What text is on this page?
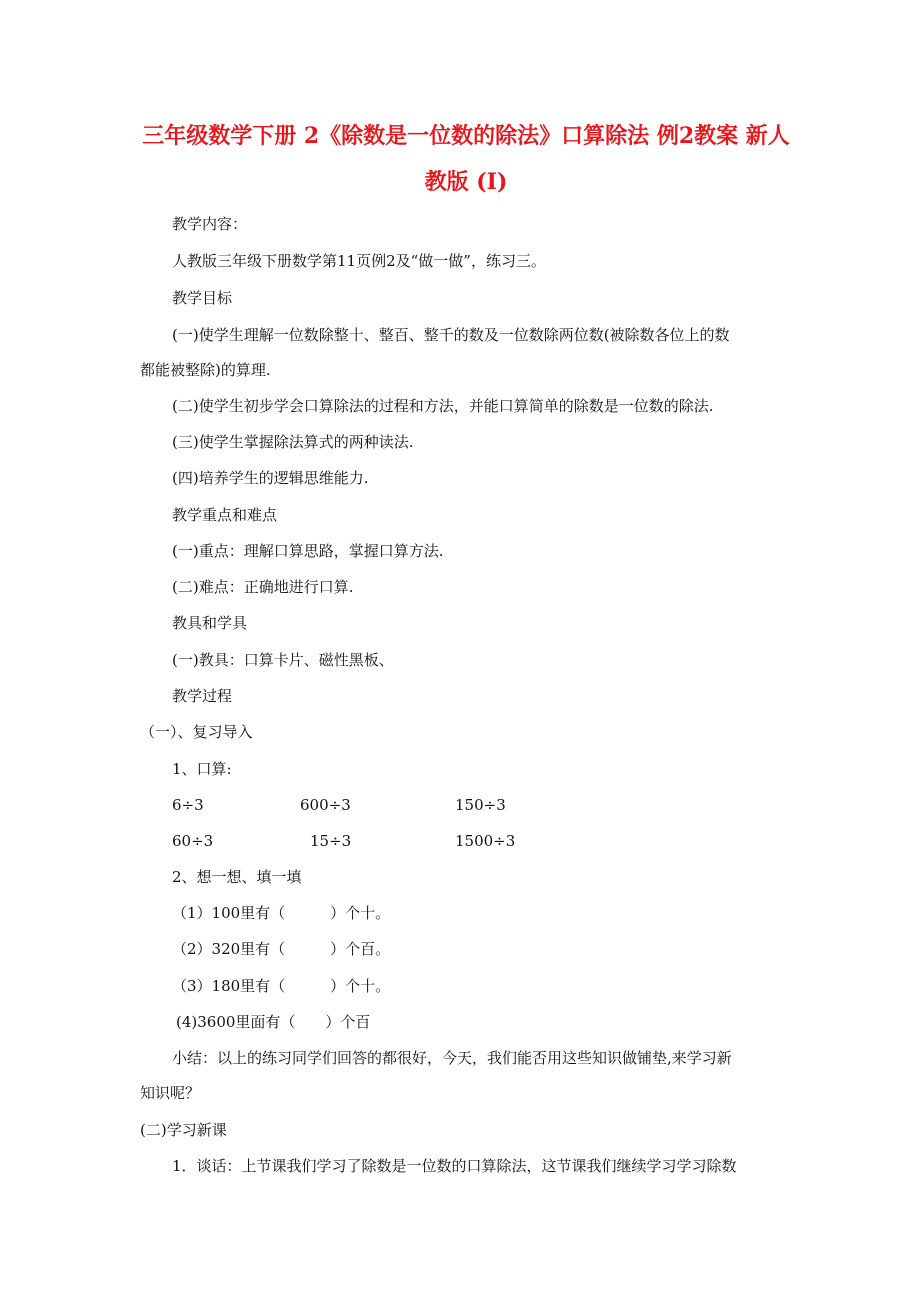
三年级数学下册 2《除数是一位数的除法》口算除法 例2教案 新人
教版 (I)
教学内容：
人教版三年级下册数学第11页例2及“做一做”，练习三。
教学目标
(一)使学生理解一位数除整十、整百、整千的数及一位数除两位数(被除数各位上的数
都能被整除)的算理.
(二)使学生初步学会口算除法的过程和方法，并能口算简单的除数是一位数的除法.
(三)使学生掌握除法算式的两种读法.
(四)培养学生的逻辑思维能力.
教学重点和难点
(一)重点：理解口算思路，掌握口算方法.
(二)难点：正确地进行口算.
教具和学具
(一)教具：口算卡片、磁性黑板、
教学过程
（一）、复习导入
1、口算:
6÷3	600÷3	150÷3
60÷3	15÷3	1500÷3
2、想一想、填一填
（1）100里有（　　　）个十。
（2）320里有（　　　）个百。
（3）180里有（　　　）个十。
(4)3600里面有（　　）个百
小结：以上的练习同学们回答的都很好，今天，我们能否用这些知识做铺垫,来学习新
知识呢？
(二)学习新课
1．谈话：上节课我们学习了除数是一位数的口算除法，这节课我们继续学习学习除数
